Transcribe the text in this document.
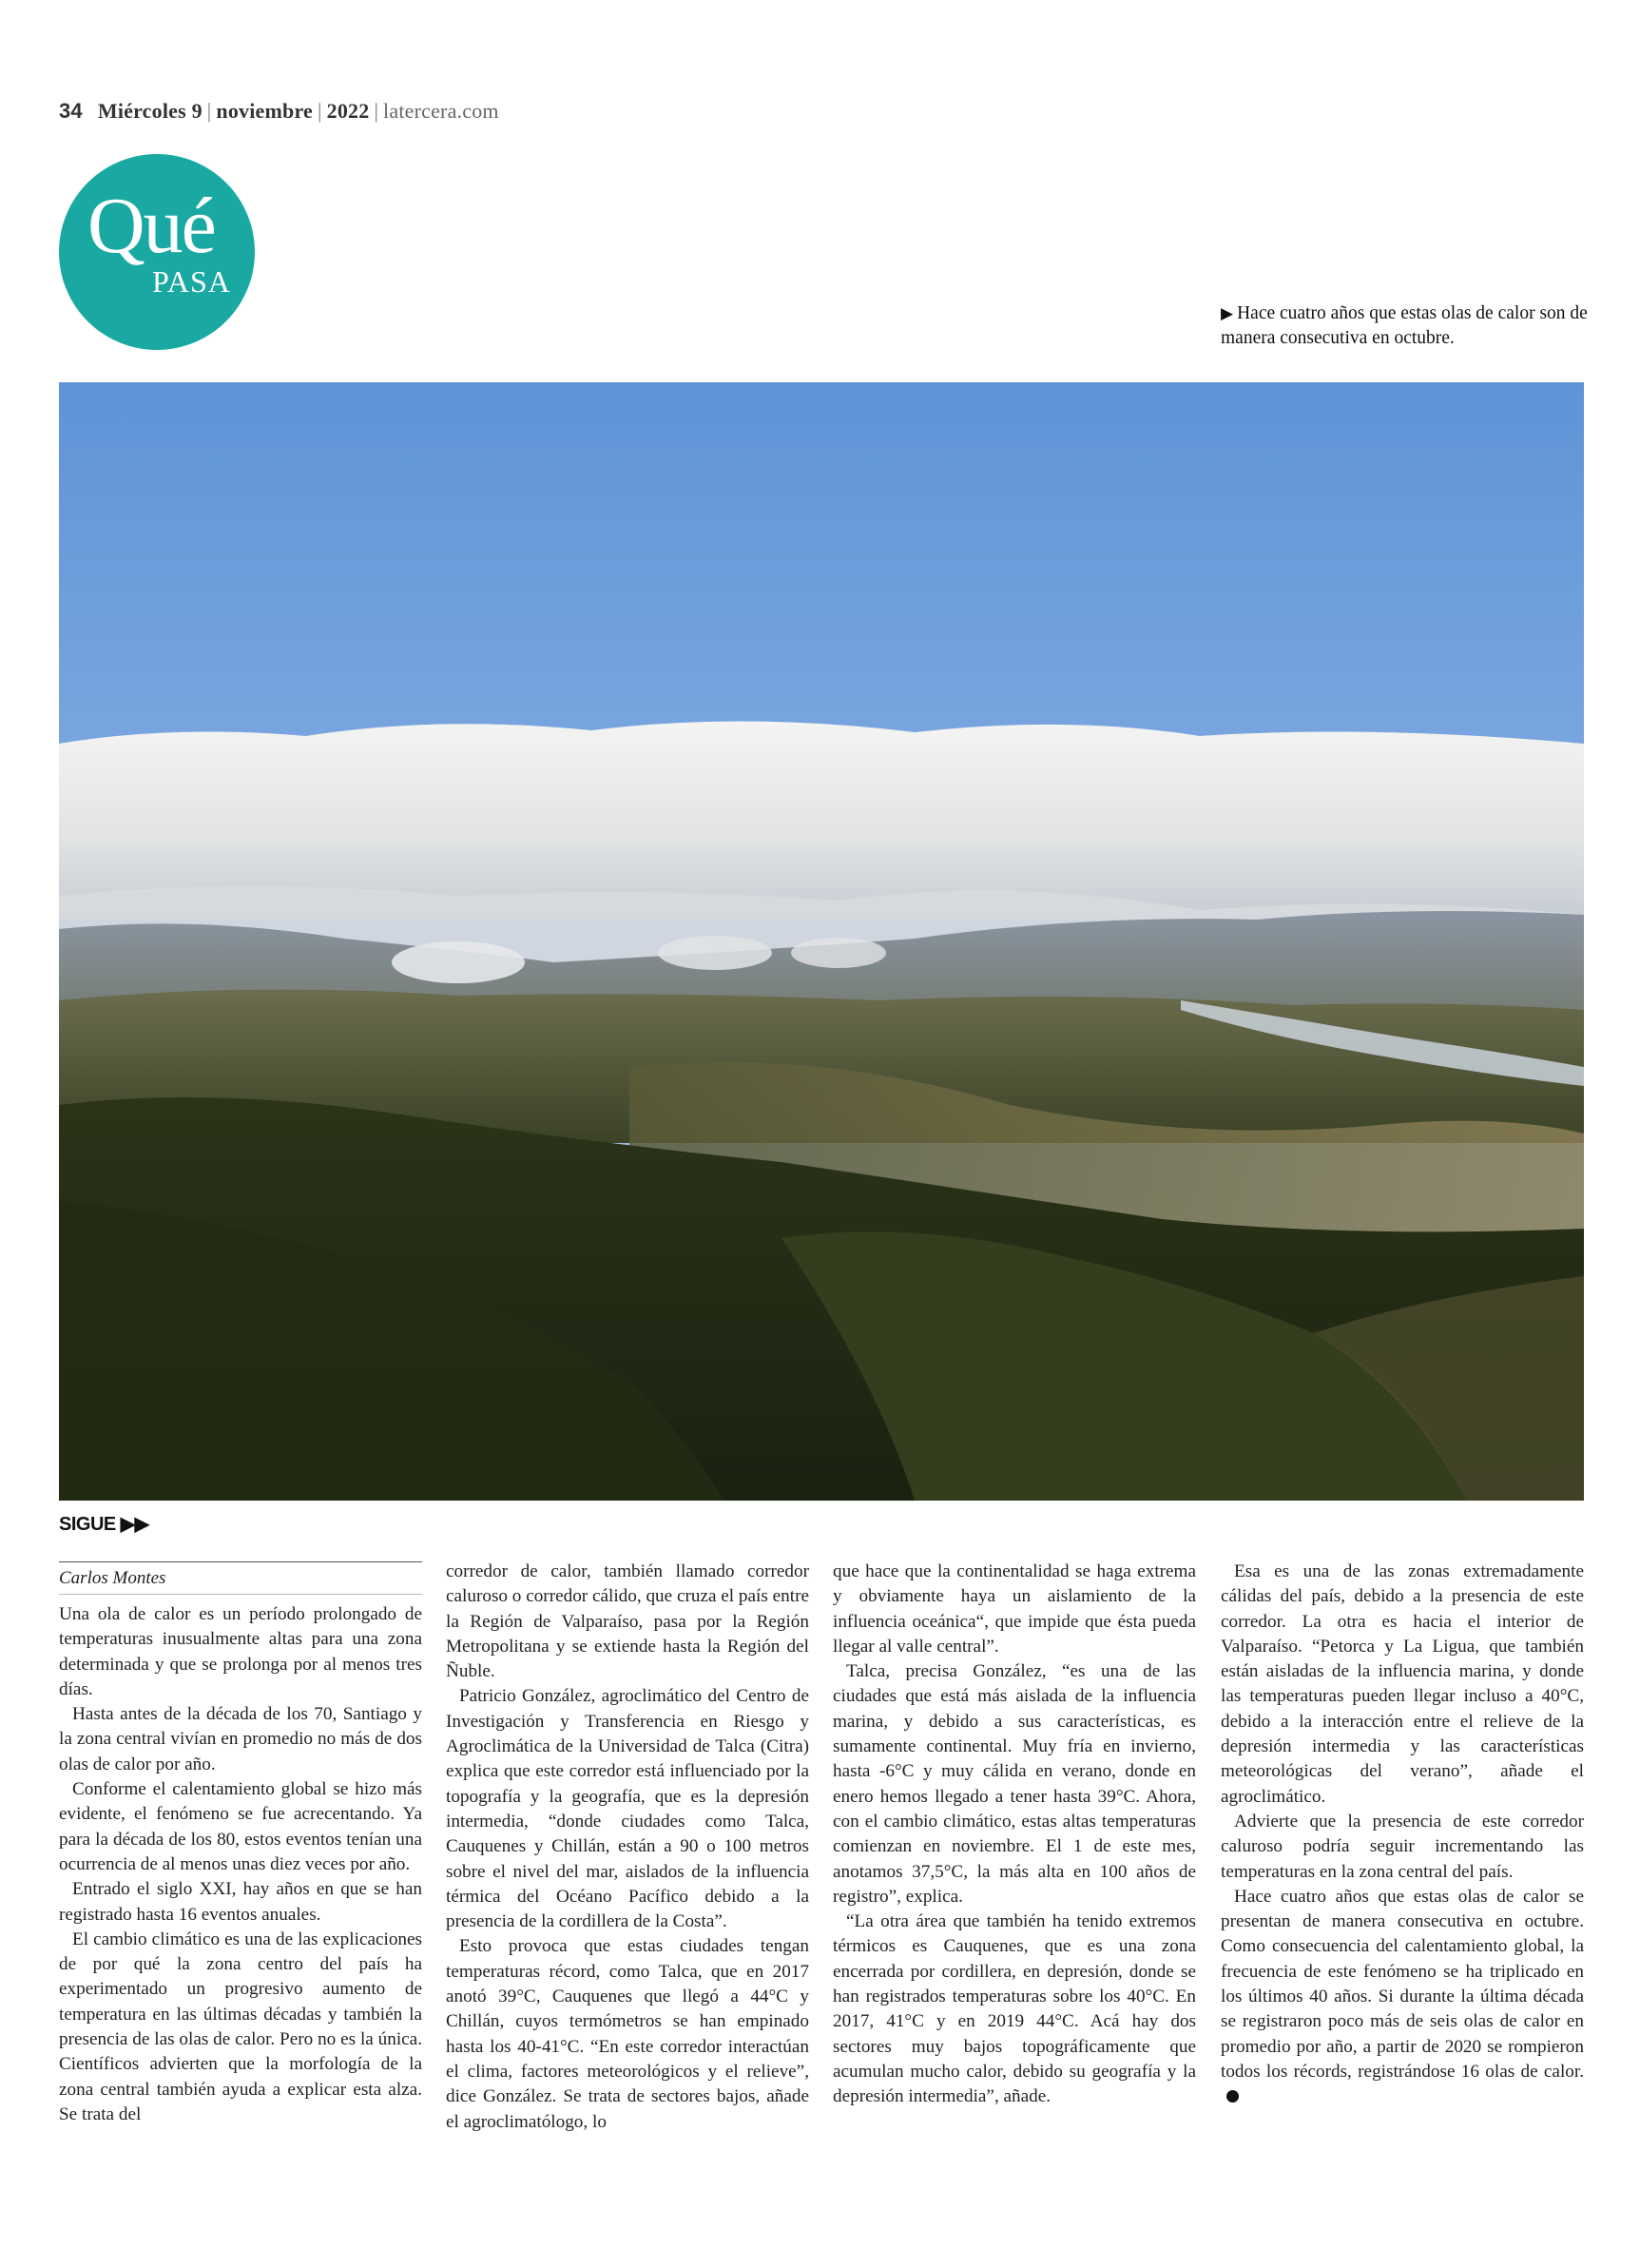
34 Miércoles 9 | noviembre | 2022 | latercera.com
Qué
PASA
▶ Hace cuatro años que estas olas de calor son de manera consecutiva en octubre.
SIGUE ▶▶
Carlos Montes

Una ola de calor es un período prolongado de temperaturas inusualmente altas para una zona determinada y que se prolonga por al menos tres días.

Hasta antes de la década de los 70, Santiago y la zona central vivían en promedio no más de dos olas de calor por año.

Conforme el calentamiento global se hizo más evidente, el fenómeno se fue acrecentando. Ya para la década de los 80, estos eventos tenían una ocurrencia de al menos unas diez veces por año.

Entrado el siglo XXI, hay años en que se han registrado hasta 16 eventos anuales.

El cambio climático es una de las explicaciones de por qué la zona centro del país ha experimentado un progresivo aumento de temperatura en las últimas décadas y también la presencia de las olas de calor. Pero no es la única. Científicos advierten que la morfología de la zona central también ayuda a explicar esta alza. Se trata del

corredor de calor, también llamado corredor caluroso o corredor cálido, que cruza el país entre la Región de Valparaíso, pasa por la Región Metropolitana y se extiende hasta la Región del Ñuble.

Patricio González, agroclimático del Centro de Investigación y Transferencia en Riesgo y Agroclimática de la Universidad de Talca (Citra) explica que este corredor está influenciado por la topografía y la geografía, que es la depresión intermedia, “donde ciudades como Talca, Cauquenes y Chillán, están a 90 o 100 metros sobre el nivel del mar, aislados de la influencia térmica del Océano Pacífico debido a la presencia de la cordillera de la Costa”.

Esto provoca que estas ciudades tengan temperaturas récord, como Talca, que en 2017 anotó 39°C, Cauquenes que llegó a 44°C y Chillán, cuyos termómetros se han empinado hasta los 40-41°C. “En este corredor interactúan el clima, factores meteorológicos y el relieve”, dice González. Se trata de sectores bajos, añade el agroclimatólogo, lo

que hace que la continentalidad se haga extrema y obviamente haya un aislamiento de la influencia oceánica“, que impide que ésta pueda llegar al valle central”.

Talca, precisa González, “es una de las ciudades que está más aislada de la influencia marina, y debido a sus características, es sumamente continental. Muy fría en invierno, hasta -6°C y muy cálida en verano, donde en enero hemos llegado a tener hasta 39°C. Ahora, con el cambio climático, estas altas temperaturas comienzan en noviembre. El 1 de este mes, anotamos 37,5°C, la más alta en 100 años de registro”, explica.

“La otra área que también ha tenido extremos térmicos es Cauquenes, que es una zona encerrada por cordillera, en depresión, donde se han registrados temperaturas sobre los 40°C. En 2017, 41°C y en 2019 44°C. Acá hay dos sectores muy bajos topográficamente que acumulan mucho calor, debido su geografía y la depresión intermedia”, añade.

Esa es una de las zonas extremadamente cálidas del país, debido a la presencia de este corredor. La otra es hacia el interior de Valparaíso. “Petorca y La Ligua, que también están aisladas de la influencia marina, y donde las temperaturas pueden llegar incluso a 40°C, debido a la interacción entre el relieve de la depresión intermedia y las características meteorológicas del verano”, añade el agroclimático.

Advierte que la presencia de este corredor caluroso podría seguir incrementando las temperaturas en la zona central del país.

Hace cuatro años que estas olas de calor se presentan de manera consecutiva en octubre. Como consecuencia del calentamiento global, la frecuencia de este fenómeno se ha triplicado en los últimos 40 años. Si durante la última década se registraron poco más de seis olas de calor en promedio por año, a partir de 2020 se rompieron todos los récords, registrándose 16 olas de calor.
